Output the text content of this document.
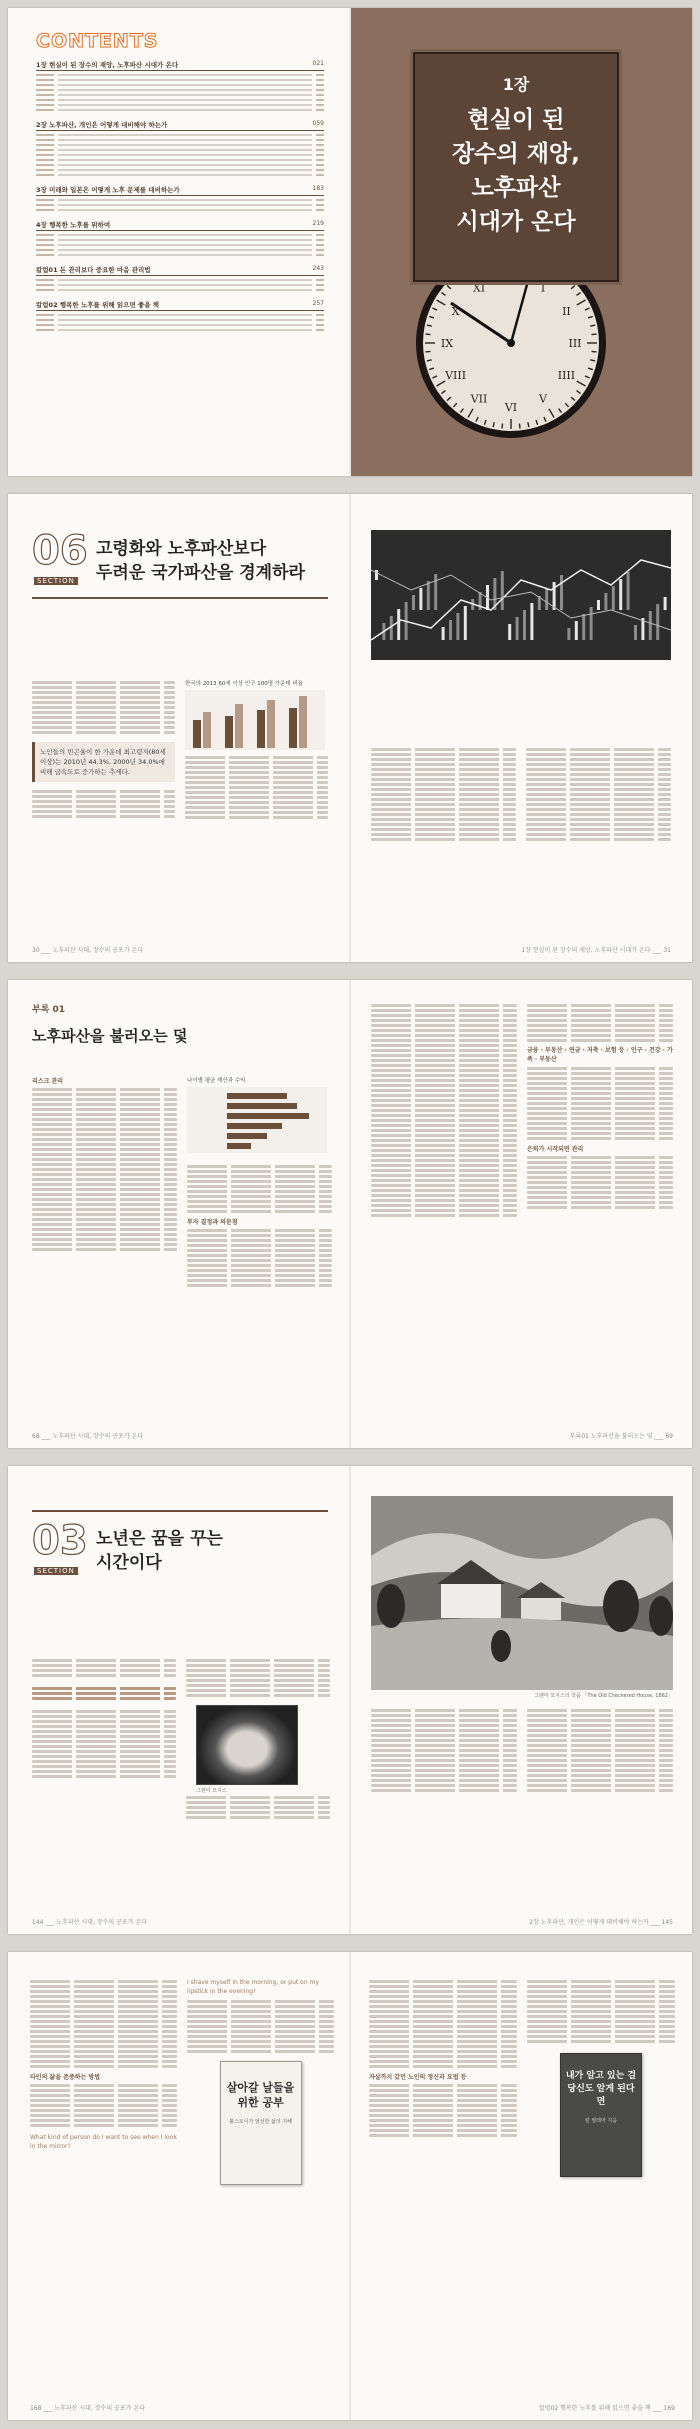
CONTENTS
1장 현실이 된 장수의 재앙, 노후파산 시대가 온다	021
2장 노후파산, 개인은 어떻게 대비해야 하는가	059
3장 미래와 일본은 어떻게 노후 문제를 대비하는가	183
4장 행복한 노후를 위하여	219
칼럼01 돈 관리보다 중요한 마음 관리법	243
칼럼02 행복한 노후를 위해 읽으면 좋을 책	257
I
II
III
IIII
V
VI
VII
VIII
IX
X
XI
1장
현실이 된
장수의 재앙,
노후파산
시대가 온다
06
SECTION
고령화와 노후파산보다
두려운 국가파산을 경계하라
노인들의 빈곤율이 한 가운데 최고령자(80세 이상)는 2010년 44.3%, 2000년 34.0%에 비해 급속도로 증가하는 추세다.
한국의 2013 60세 이상 인구 100명 가운데 비율
30 ___ 노후파산 시대, 장수의 공포가 온다	1장 현실이 된 장수의 재앙, 노후파산 시대가 온다 ___ 31
부록 01
노후파산을 불러오는 덫
리스크 관리	나이별 평균 재산과 수익
투자 결정과 의문점
68 ___ 노후파산 시대, 장수의 공포가 온다
금융 · 부동산 · 연금 · 저축 · 보험 등 · 인구 · 건강 · 가족 · 부동산
은퇴가 시작되면 관리
부록01 노후파산을 불러오는 덫 ___ 69
03
SECTION
노년은 꿈을 꾸는
시간이다
그랜마 모지스
144 ___ 노후파산 시대, 장수의 공포가 온다
그랜마 모지스의 작품 「The Old Checkered House, 1862」
2장 노후파산, 개인은 어떻게 대비해야 하는가 ___ 145
타인의 삶을 존중하는 방법
What kind of person do I want to see when I look in the mirror?
I shave myself in the morning, or put on my lipstick in the evening!
살아갈 날들을 위한 공부
톨스토이가 엄선한 삶의 지혜
168 ___ 노후파산 시대, 장수의 공포가 온다
자살까지 갔던 노인의 정신과 요법 등	내가 알고 있는 걸 당신도 알게 된다면
칼 필레머 지음
칼럼02 행복한 노후를 위해 읽으면 좋을 책 ___ 169
